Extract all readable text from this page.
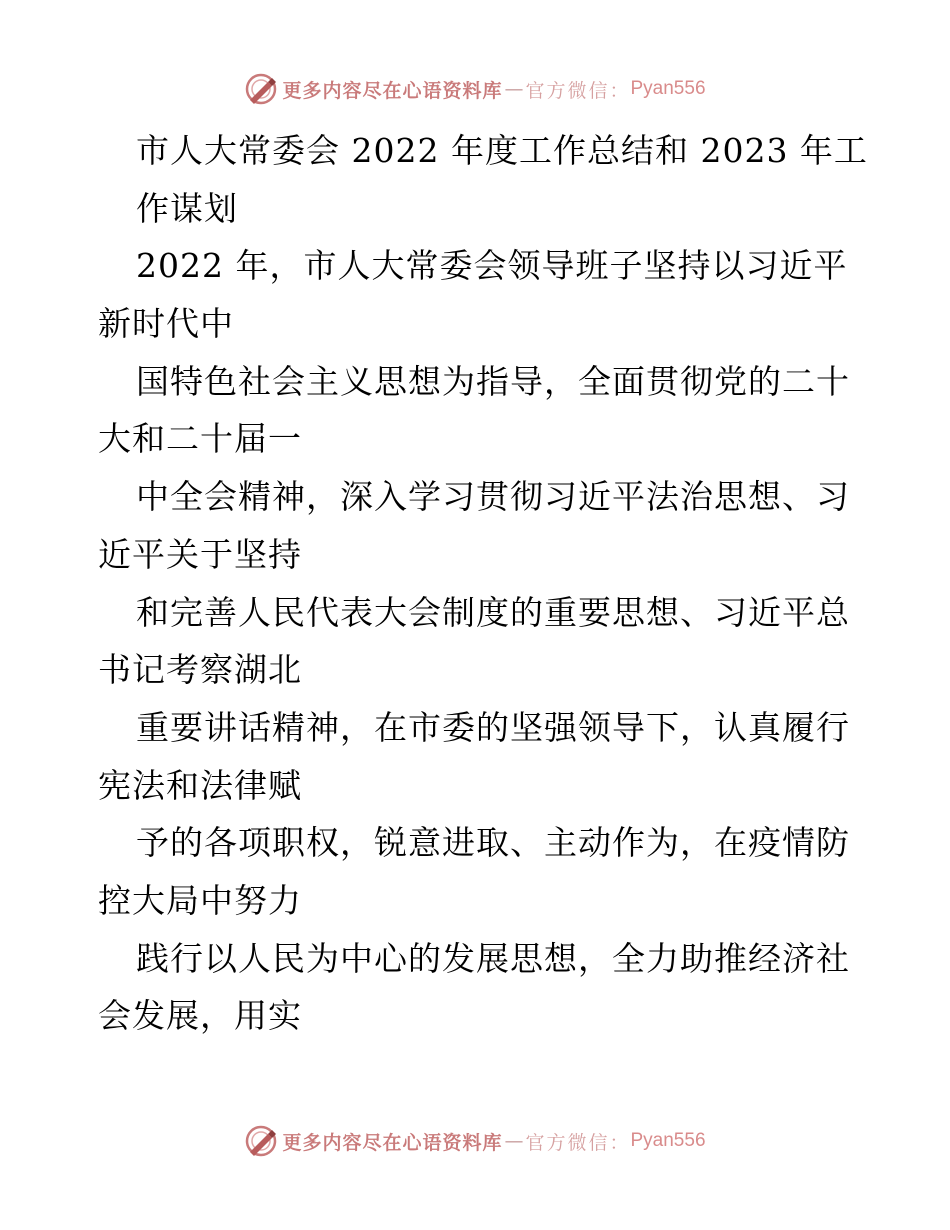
更多内容尽在心语资料库 — 官方微信： Pyan556
市人大常委会 2022 年度工作总结和 2023 年工
作谋划
2022 年，市人大常委会领导班子坚持以习近平
新时代中
国特色社会主义思想为指导，全面贯彻党的二十
大和二十届一
中全会精神，深入学习贯彻习近平法治思想、习
近平关于坚持
和完善人民代表大会制度的重要思想、习近平总
书记考察湖北
重要讲话精神，在市委的坚强领导下，认真履行
宪法和法律赋
予的各项职权，锐意进取、主动作为，在疫情防
控大局中努力
践行以人民为中心的发展思想，全力助推经济社
会发展，用实
更多内容尽在心语资料库 — 官方微信： Pyan556
